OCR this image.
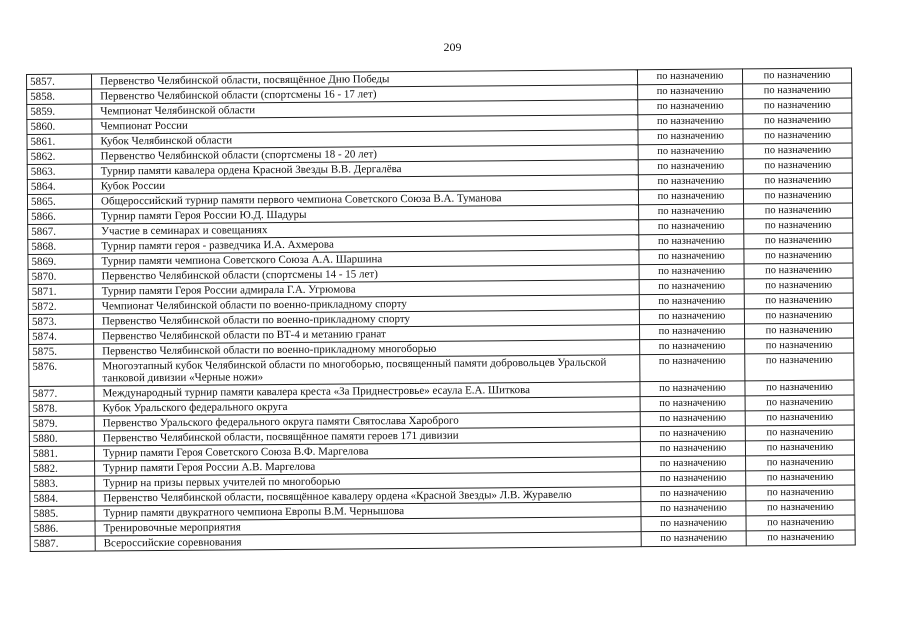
209
5857.	Первенство Челябинской области, посвящённое Дню Победы	по назначению	по назначению
5858.	Первенство Челябинской области (спортсмены 16 - 17 лет)	по назначению	по назначению
5859.	Чемпионат Челябинской области	по назначению	по назначению
5860.	Чемпионат России	по назначению	по назначению
5861.	Кубок Челябинской области	по назначению	по назначению
5862.	Первенство Челябинской области (спортсмены 18 - 20 лет)	по назначению	по назначению
5863.	Турнир памяти кавалера ордена Красной Звезды В.В. Дергалёва	по назначению	по назначению
5864.	Кубок России	по назначению	по назначению
5865.	Общероссийский турнир памяти первого чемпиона Советского Союза В.А. Туманова	по назначению	по назначению
5866.	Турнир памяти Героя России Ю.Д. Шадуры	по назначению	по назначению
5867.	Участие в семинарах и совещаниях	по назначению	по назначению
5868.	Турнир памяти героя - разведчика И.А. Ахмерова	по назначению	по назначению
5869.	Турнир памяти чемпиона Советского Союза А.А. Шаршина	по назначению	по назначению
5870.	Первенство Челябинской области (спортсмены 14 - 15 лет)	по назначению	по назначению
5871.	Турнир памяти Героя России адмирала Г.А. Угрюмова	по назначению	по назначению
5872.	Чемпионат Челябинской области по военно-прикладному спорту	по назначению	по назначению
5873.	Первенство Челябинской области по военно-прикладному спорту	по назначению	по назначению
5874.	Первенство Челябинской области по ВТ-4 и метанию гранат	по назначению	по назначению
5875.	Первенство Челябинской области по военно-прикладному многоборью	по назначению	по назначению
5876.	Многоэтапный кубок Челябинской области по многоборью, посвященный памяти добровольцев Уральской танковой дивизии «Черные ножи»	по назначению	по назначению
5877.	Международный турнир памяти кавалера креста «За Приднестровье» есаула Е.А. Шиткова	по назначению	по назначению
5878.	Кубок Уральского федерального округа	по назначению	по назначению
5879.	Первенство Уральского федерального округа памяти Святослава Хароброго	по назначению	по назначению
5880.	Первенство Челябинской области, посвящённое памяти героев 171 дивизии	по назначению	по назначению
5881.	Турнир памяти Героя Советского Союза В.Ф. Маргелова	по назначению	по назначению
5882.	Турнир памяти Героя России А.В. Маргелова	по назначению	по назначению
5883.	Турнир на призы первых учителей по многоборью	по назначению	по назначению
5884.	Первенство Челябинской области, посвящённое кавалеру ордена «Красной Звезды» Л.В. Журавелю	по назначению	по назначению
5885.	Турнир памяти двукратного чемпиона Европы В.М. Чернышова	по назначению	по назначению
5886.	Тренировочные мероприятия	по назначению	по назначению
5887.	Всероссийские соревнования	по назначению	по назначению
